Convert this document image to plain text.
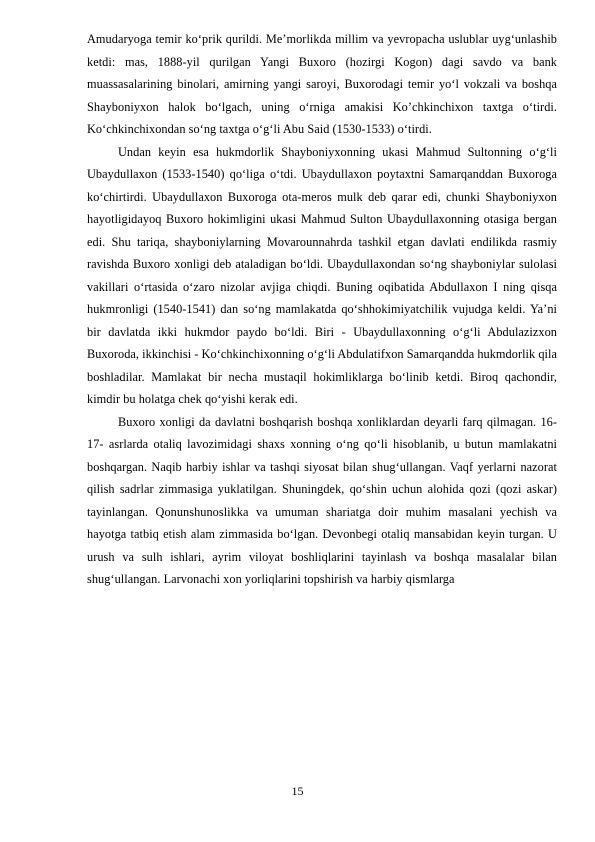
Amudaryoga temir koʻprik qurildi. Meʼmorlikda millim va yevropacha uslublar uygʻunlashib ketdi: mas, 1888-yil qurilgan Yangi Buxoro (hozirgi Kogon) dagi savdo va bank muassasalarining binolari, amirning yangi saroyi, Buxorodagi temir yoʻl vokzali va boshqa Shayboniyxon halok boʻlgach, uning oʻrniga amakisi Ko’chkinchixon taxtga oʻtirdi. Koʻchkinchixondan soʻng taxtga oʻgʻli Abu Said (1530-1533) oʻtirdi.

Undan keyin esa hukmdorlik Shayboniyxonning ukasi Mahmud Sultonning oʻgʻli Ubaydullaxon (1533-1540) qoʻliga oʻtdi. Ubaydullaxon poytaxtni Samarqanddan Buxoroga koʻchirtirdi. Ubaydullaxon Buxoroga ota-meros mulk deb qarar edi, chunki Shayboniyxon hayotligidayoq Buxoro hokimligini ukasi Mahmud Sulton Ubaydullaxonning otasiga bergan edi. Shu tariqa, shayboniylarning Movarounnahrda tashkil etgan davlati endilikda rasmiy ravishda Buxoro xonligi deb ataladigan boʻldi. Ubaydullaxondan soʻng shayboniylar sulolasi vakillari oʻrtasida oʻzaro nizolar avjiga chiqdi. Buning oqibatida Abdullaxon I ning qisqa hukmronligi (1540-1541) dan soʻng mamlakatda qoʻshhokimiyatchilik vujudga keldi. Yaʼni bir davlatda ikki hukmdor paydo boʻldi. Biri - Ubaydullaxonning oʻgʻli Abdulazizxon Buxoroda, ikkinchisi - Koʻchkinchixonning oʻgʻli Abdulatifxon Samarqandda hukmdorlik qila boshladilar. Mamlakat bir necha mustaqil hokimliklarga boʻlinib ketdi. Biroq qachondir, kimdir bu holatga chek qoʻyishi kerak edi.

Buxoro xonligi da davlatni boshqarish boshqa xonliklardan deyarli farq qilmagan. 16-17- asrlarda otaliq lavozimidagi shaxs xonning oʻng qoʻli hisoblanib, u butun mamlakatni boshqargan. Naqib harbiy ishlar va tashqi siyosat bilan shugʻullangan. Vaqf yerlarni nazorat qilish sadrlar zimmasiga yuklatilgan. Shuningdek, qoʻshin uchun alohida qozi (qozi askar) tayinlangan. Qonunshunoslikka va umuman shariatga doir muhim masalani yechish va hayotga tatbiq etish alam zimmasida boʻlgan. Devonbegi otaliq mansabidan keyin turgan. U urush va sulh ishlari, ayrim viloyat boshliqlarini tayinlash va boshqa masalalar bilan shugʻullangan. Larvonachi xon yorliqlarini topshirish va harbiy qismlarga

15
